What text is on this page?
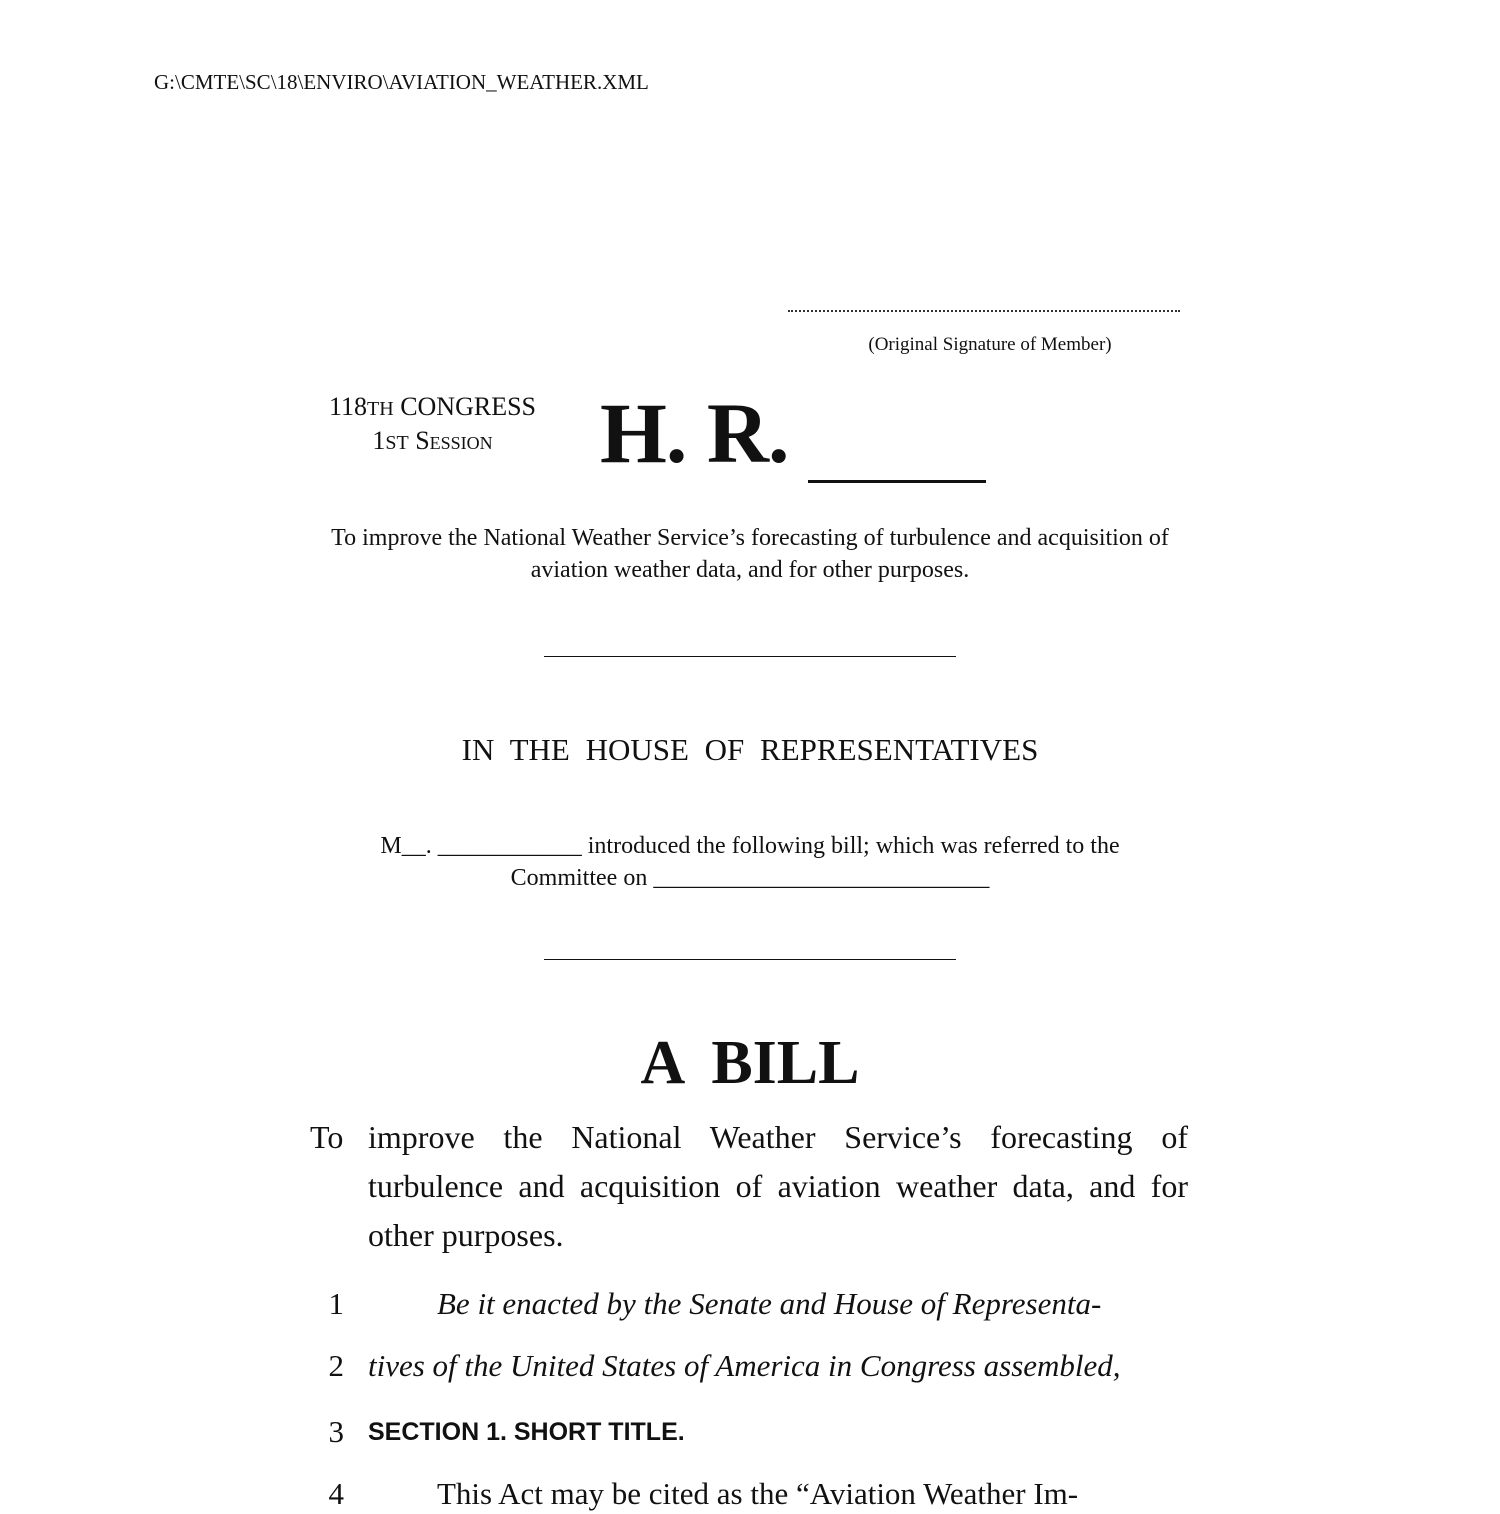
G:\CMTE\SC\18\ENVIRO\AVIATION_WEATHER.XML
(Original Signature of Member)
118TH CONGRESS
1ST Session	H. R.
To improve the National Weather Service’s forecasting of turbulence and acquisition of aviation weather data, and for other purposes.
IN THE HOUSE OF REPRESENTATIVES
M__. ____________ introduced the following bill; which was referred to the
Committee on ____________________________
A BILL
To improve the National Weather Service’s forecasting of turbulence and acquisition of aviation weather data, and for other purposes.
1	Be it enacted by the Senate and House of Representa-
2 tives of the United States of America in Congress assembled,
3 SECTION 1. SHORT TITLE.
4	This Act may be cited as the “Aviation Weather Im-
